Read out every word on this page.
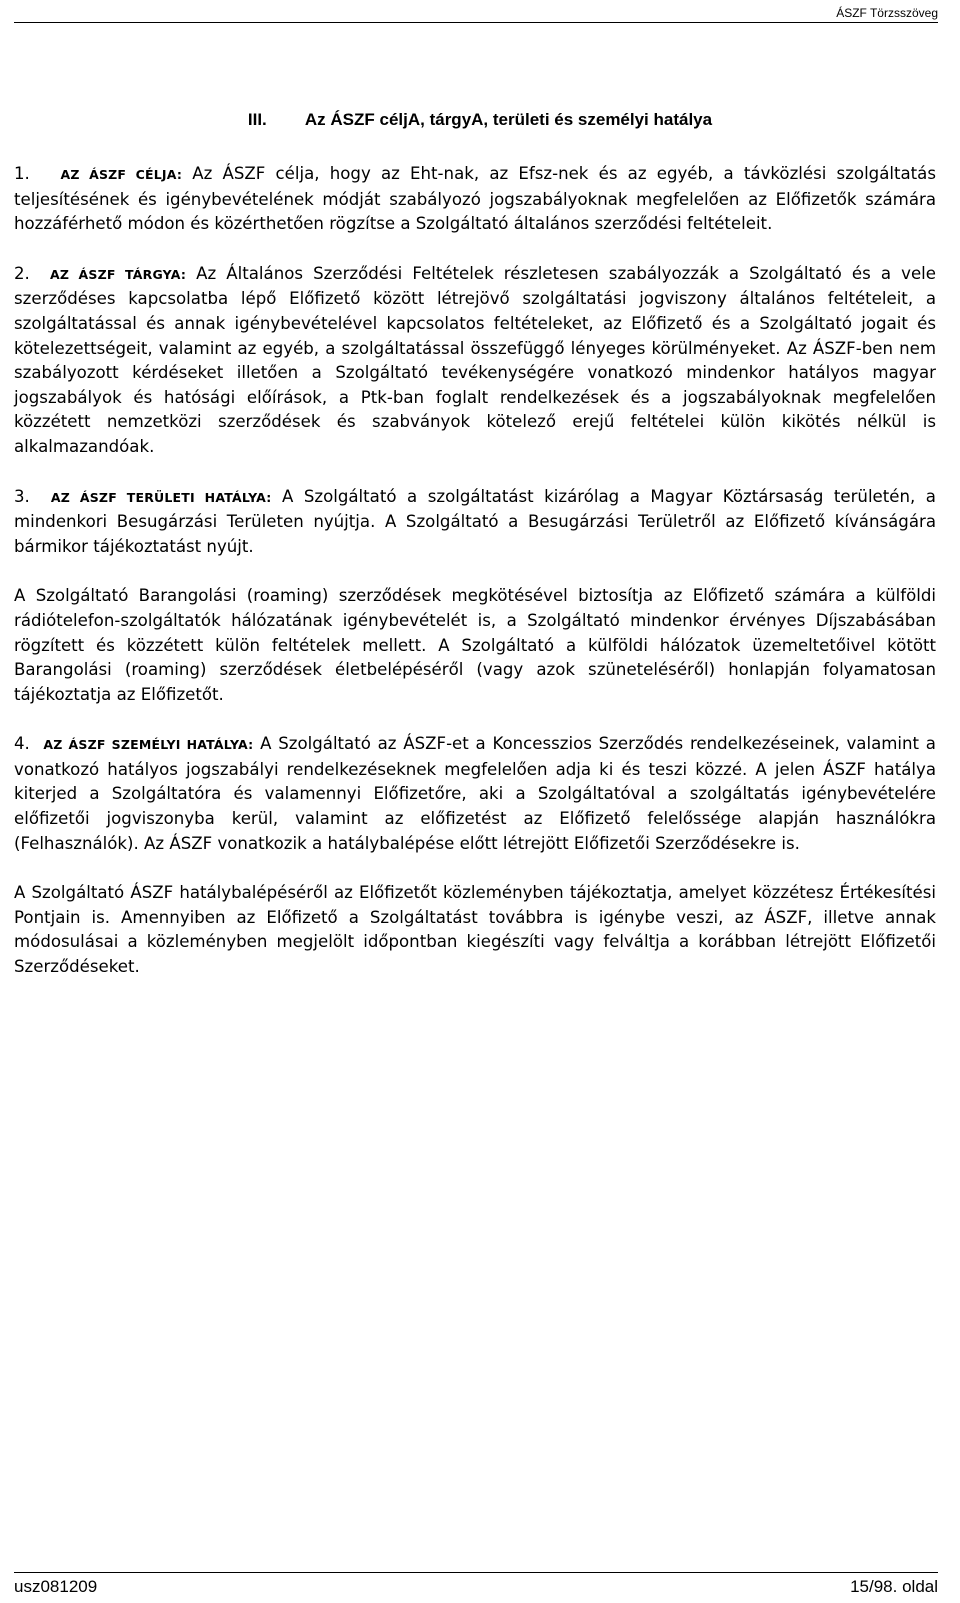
ÁSZF Törzsszöveg
III. Az ÁSZF céljA, tárgyA, területi és személyi hatálya

1. AZ ÁSZF CÉLJA: Az ÁSZF célja, hogy az Eht-nak, az Efsz-nek és az egyéb, a távközlési szolgáltatás teljesítésének és igénybevételének módját szabályozó jogszabályoknak megfelelően az Előfizetők számára hozzáférhető módon és közérthetően rögzítse a Szolgáltató általános szerződési feltételeit.

2. AZ ÁSZF TÁRGYA: Az Általános Szerződési Feltételek részletesen szabályozzák a Szolgáltató és a vele szerződéses kapcsolatba lépő Előfizető között létrejövő szolgáltatási jogviszony általános feltételeit, a szolgáltatással és annak igénybevételével kapcsolatos feltételeket, az Előfizető és a Szolgáltató jogait és kötelezettségeit, valamint az egyéb, a szolgáltatással összefüggő lényeges körülményeket. Az ÁSZF-ben nem szabályozott kérdéseket illetően a Szolgáltató tevékenységére vonatkozó mindenkor hatályos magyar jogszabályok és hatósági előírások, a Ptk-ban foglalt rendelkezések és a jogszabályoknak megfelelően közzétett nemzetközi szerződések és szabványok kötelező erejű feltételei külön kikötés nélkül is alkalmazandóak.

3. AZ ÁSZF TERÜLETI HATÁLYA: A Szolgáltató a szolgáltatást kizárólag a Magyar Köztársaság területén, a mindenkori Besugárzási Területen nyújtja. A Szolgáltató a Besugárzási Területről az Előfizető kívánságára bármikor tájékoztatást nyújt.

A Szolgáltató Barangolási (roaming) szerződések megkötésével biztosítja az Előfizető számára a külföldi rádiótelefon-szolgáltatók hálózatának igénybevételét is, a Szolgáltató mindenkor érvényes Díjszabásában rögzített és közzétett külön feltételek mellett. A Szolgáltató a külföldi hálózatok üzemeltetőivel kötött Barangolási (roaming) szerződések életbelépéséről (vagy azok szüneteléséről) honlapján folyamatosan tájékoztatja az Előfizetőt.

4. AZ ÁSZF SZEMÉLYI HATÁLYA: A Szolgáltató az ÁSZF-et a Koncesszios Szerződés rendelkezéseinek, valamint a vonatkozó hatályos jogszabályi rendelkezéseknek megfelelően adja ki és teszi közzé. A jelen ÁSZF hatálya kiterjed a Szolgáltatóra és valamennyi Előfizetőre, aki a Szolgáltatóval a szolgáltatás igénybevételére előfizetői jogviszonyba kerül, valamint az előfizetést az Előfizető felelőssége alapján használókra (Felhasználók). Az ÁSZF vonatkozik a hatálybalépése előtt létrejött Előfizetői Szerződésekre is.

A Szolgáltató ÁSZF hatálybalépéséről az Előfizetőt közleményben tájékoztatja, amelyet közzétesz Értékesítési Pontjain is. Amennyiben az Előfizető a Szolgáltatást továbbra is igénybe veszi, az ÁSZF, illetve annak módosulásai a közleményben megjelölt időpontban kiegészíti vagy felváltja a korábban létrejött Előfizetői Szerződéseket.

usz081209	15/98. oldal
